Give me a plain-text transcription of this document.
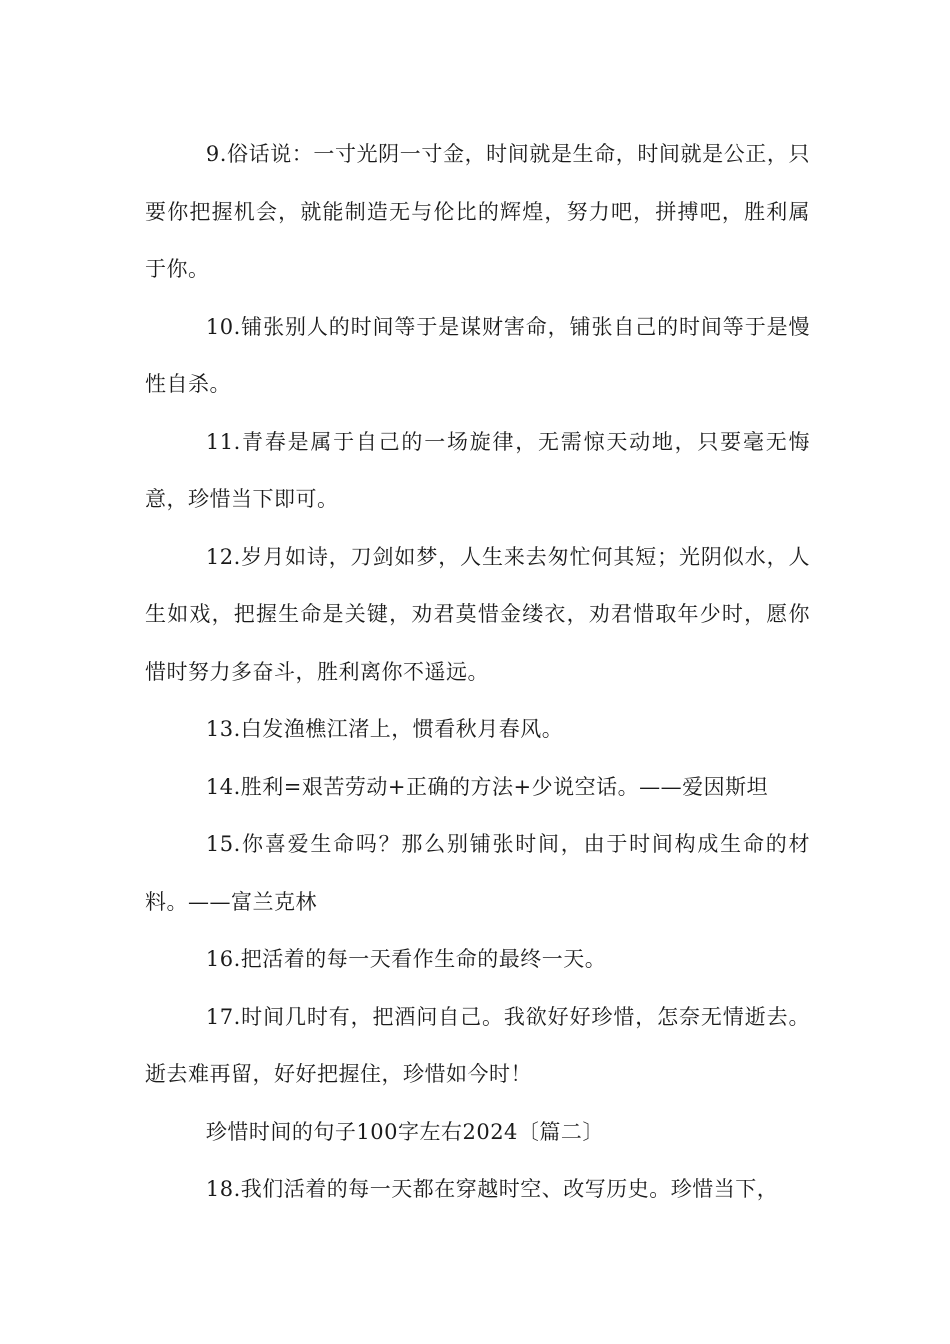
9.俗话说：一寸光阴一寸金，时间就是生命，时间就是公正，只要你把握机会，就能制造无与伦比的辉煌，努力吧，拼搏吧，胜利属于你。

10.铺张别人的时间等于是谋财害命，铺张自己的时间等于是慢性自杀。

11.青春是属于自己的一场旋律，无需惊天动地，只要毫无悔意，珍惜当下即可。

12.岁月如诗，刀剑如梦，人生来去匆忙何其短；光阴似水，人生如戏，把握生命是关键，劝君莫惜金缕衣，劝君惜取年少时，愿你惜时努力多奋斗，胜利离你不遥远。

13.白发渔樵江渚上，惯看秋月春风。

14.胜利=艰苦劳动+正确的方法+少说空话。——爱因斯坦

15.你喜爱生命吗？那么别铺张时间，由于时间构成生命的材料。——富兰克林

16.把活着的每一天看作生命的最终一天。

17.时间几时有，把酒问自己。我欲好好珍惜，怎奈无情逝去。逝去难再留，好好把握住，珍惜如今时！

珍惜时间的句子100字左右2024〔篇二〕

18.我们活着的每一天都在穿越时空、改写历史。珍惜当下，
